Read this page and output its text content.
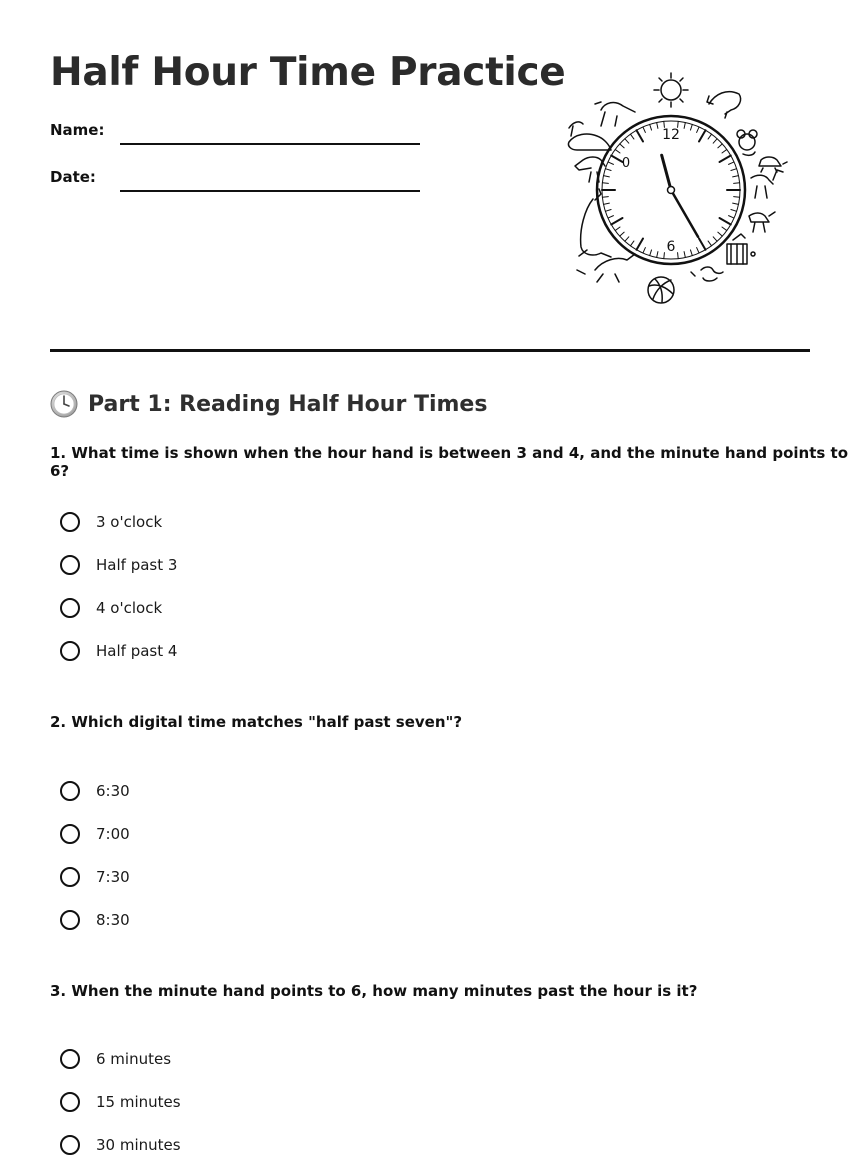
Half Hour Time Practice
Name:
Date:
12
6
0
Part 1: Reading Half Hour Times
1. What time is shown when the hour hand is between 3 and 4, and the minute hand points to 6?
3 o'clock
Half past 3
4 o'clock
Half past 4
2. Which digital time matches "half past seven"?
6:30
7:00
7:30
8:30
3. When the minute hand points to 6, how many minutes past the hour is it?
6 minutes
15 minutes
30 minutes
